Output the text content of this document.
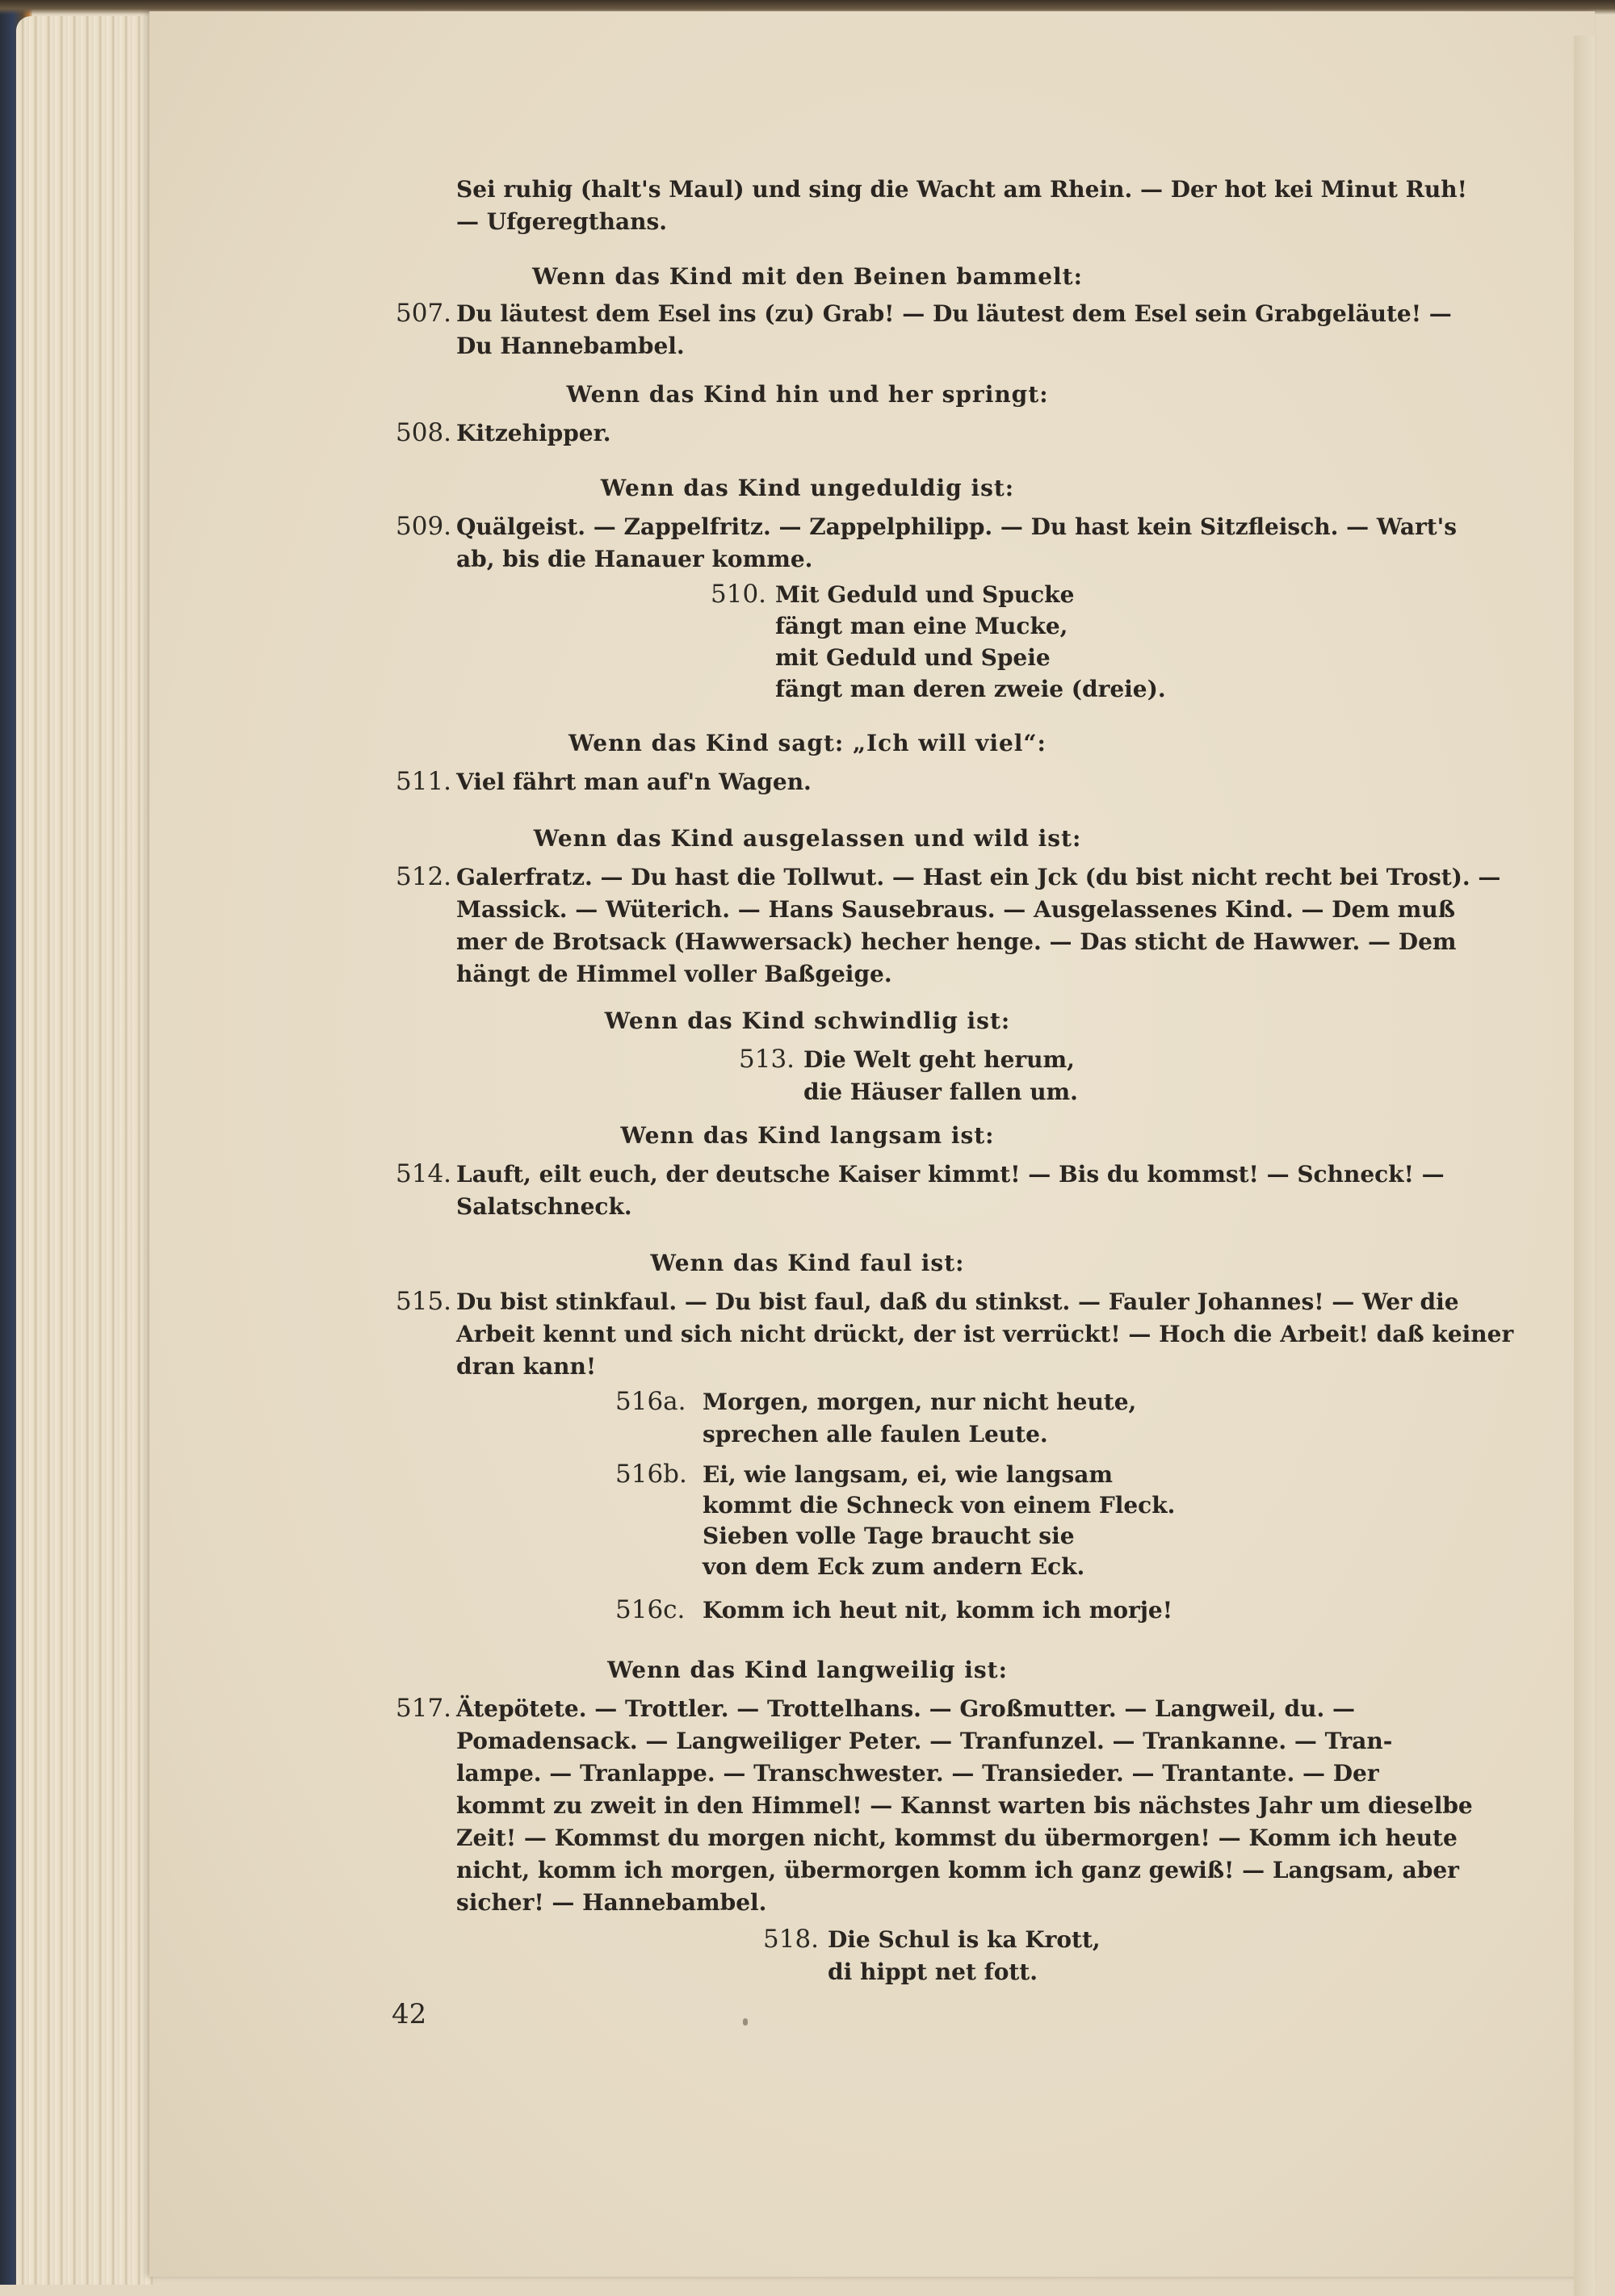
Sei ruhig (halt's Maul) und sing die Wacht am Rhein. — Der hot kei Minut Ruh!
— Ufgeregthans.
Wenn das Kind mit den Beinen bammelt:
507. Du läutest dem Esel ins (zu) Grab! — Du läutest dem Esel sein Grabgeläute! —
Du Hannebambel.
Wenn das Kind hin und her springt:
508. Kitzehipper.
Wenn das Kind ungeduldig ist:
509. Quälgeist. — Zappelfritz. — Zappelphilipp. — Du hast kein Sitzfleisch. — Wart's
ab, bis die Hanauer komme.
510. Mit Geduld und Spucke
fängt man eine Mucke,
mit Geduld und Speie
fängt man deren zweie (dreie).
Wenn das Kind sagt: „Ich will viel“:
511. Viel fährt man auf'n Wagen.
Wenn das Kind ausgelassen und wild ist:
512. Galerfratz. — Du hast die Tollwut. — Hast ein Jck (du bist nicht recht bei Trost). —
Massick. — Wüterich. — Hans Sausebraus. — Ausgelassenes Kind. — Dem muß
mer de Brotsack (Hawwersack) hecher henge. — Das sticht de Hawwer. — Dem
hängt de Himmel voller Baßgeige.
Wenn das Kind schwindlig ist:
513. Die Welt geht herum,
die Häuser fallen um.
Wenn das Kind langsam ist:
514. Lauft, eilt euch, der deutsche Kaiser kimmt! — Bis du kommst! — Schneck! —
Salatschneck.
Wenn das Kind faul ist:
515. Du bist stinkfaul. — Du bist faul, daß du stinkst. — Fauler Johannes! — Wer die
Arbeit kennt und sich nicht drückt, der ist verrückt! — Hoch die Arbeit! daß keiner
dran kann!
516a. Morgen, morgen, nur nicht heute,
sprechen alle faulen Leute.
516b. Ei, wie langsam, ei, wie langsam
kommt die Schneck von einem Fleck.
Sieben volle Tage braucht sie
von dem Eck zum andern Eck.
516c. Komm ich heut nit, komm ich morje!
Wenn das Kind langweilig ist:
517. Ätepötete. — Trottler. — Trottelhans. — Großmutter. — Langweil, du. —
Pomadensack. — Langweiliger Peter. — Tranfunzel. — Trankanne. — Tran-
lampe. — Tranlappe. — Transchwester. — Transieder. — Trantante. — Der
kommt zu zweit in den Himmel! — Kannst warten bis nächstes Jahr um dieselbe
Zeit! — Kommst du morgen nicht, kommst du übermorgen! — Komm ich heute
nicht, komm ich morgen, übermorgen komm ich ganz gewiß! — Langsam, aber
sicher! — Hannebambel.
518. Die Schul is ka Krott,
di hippt net fott.
42
